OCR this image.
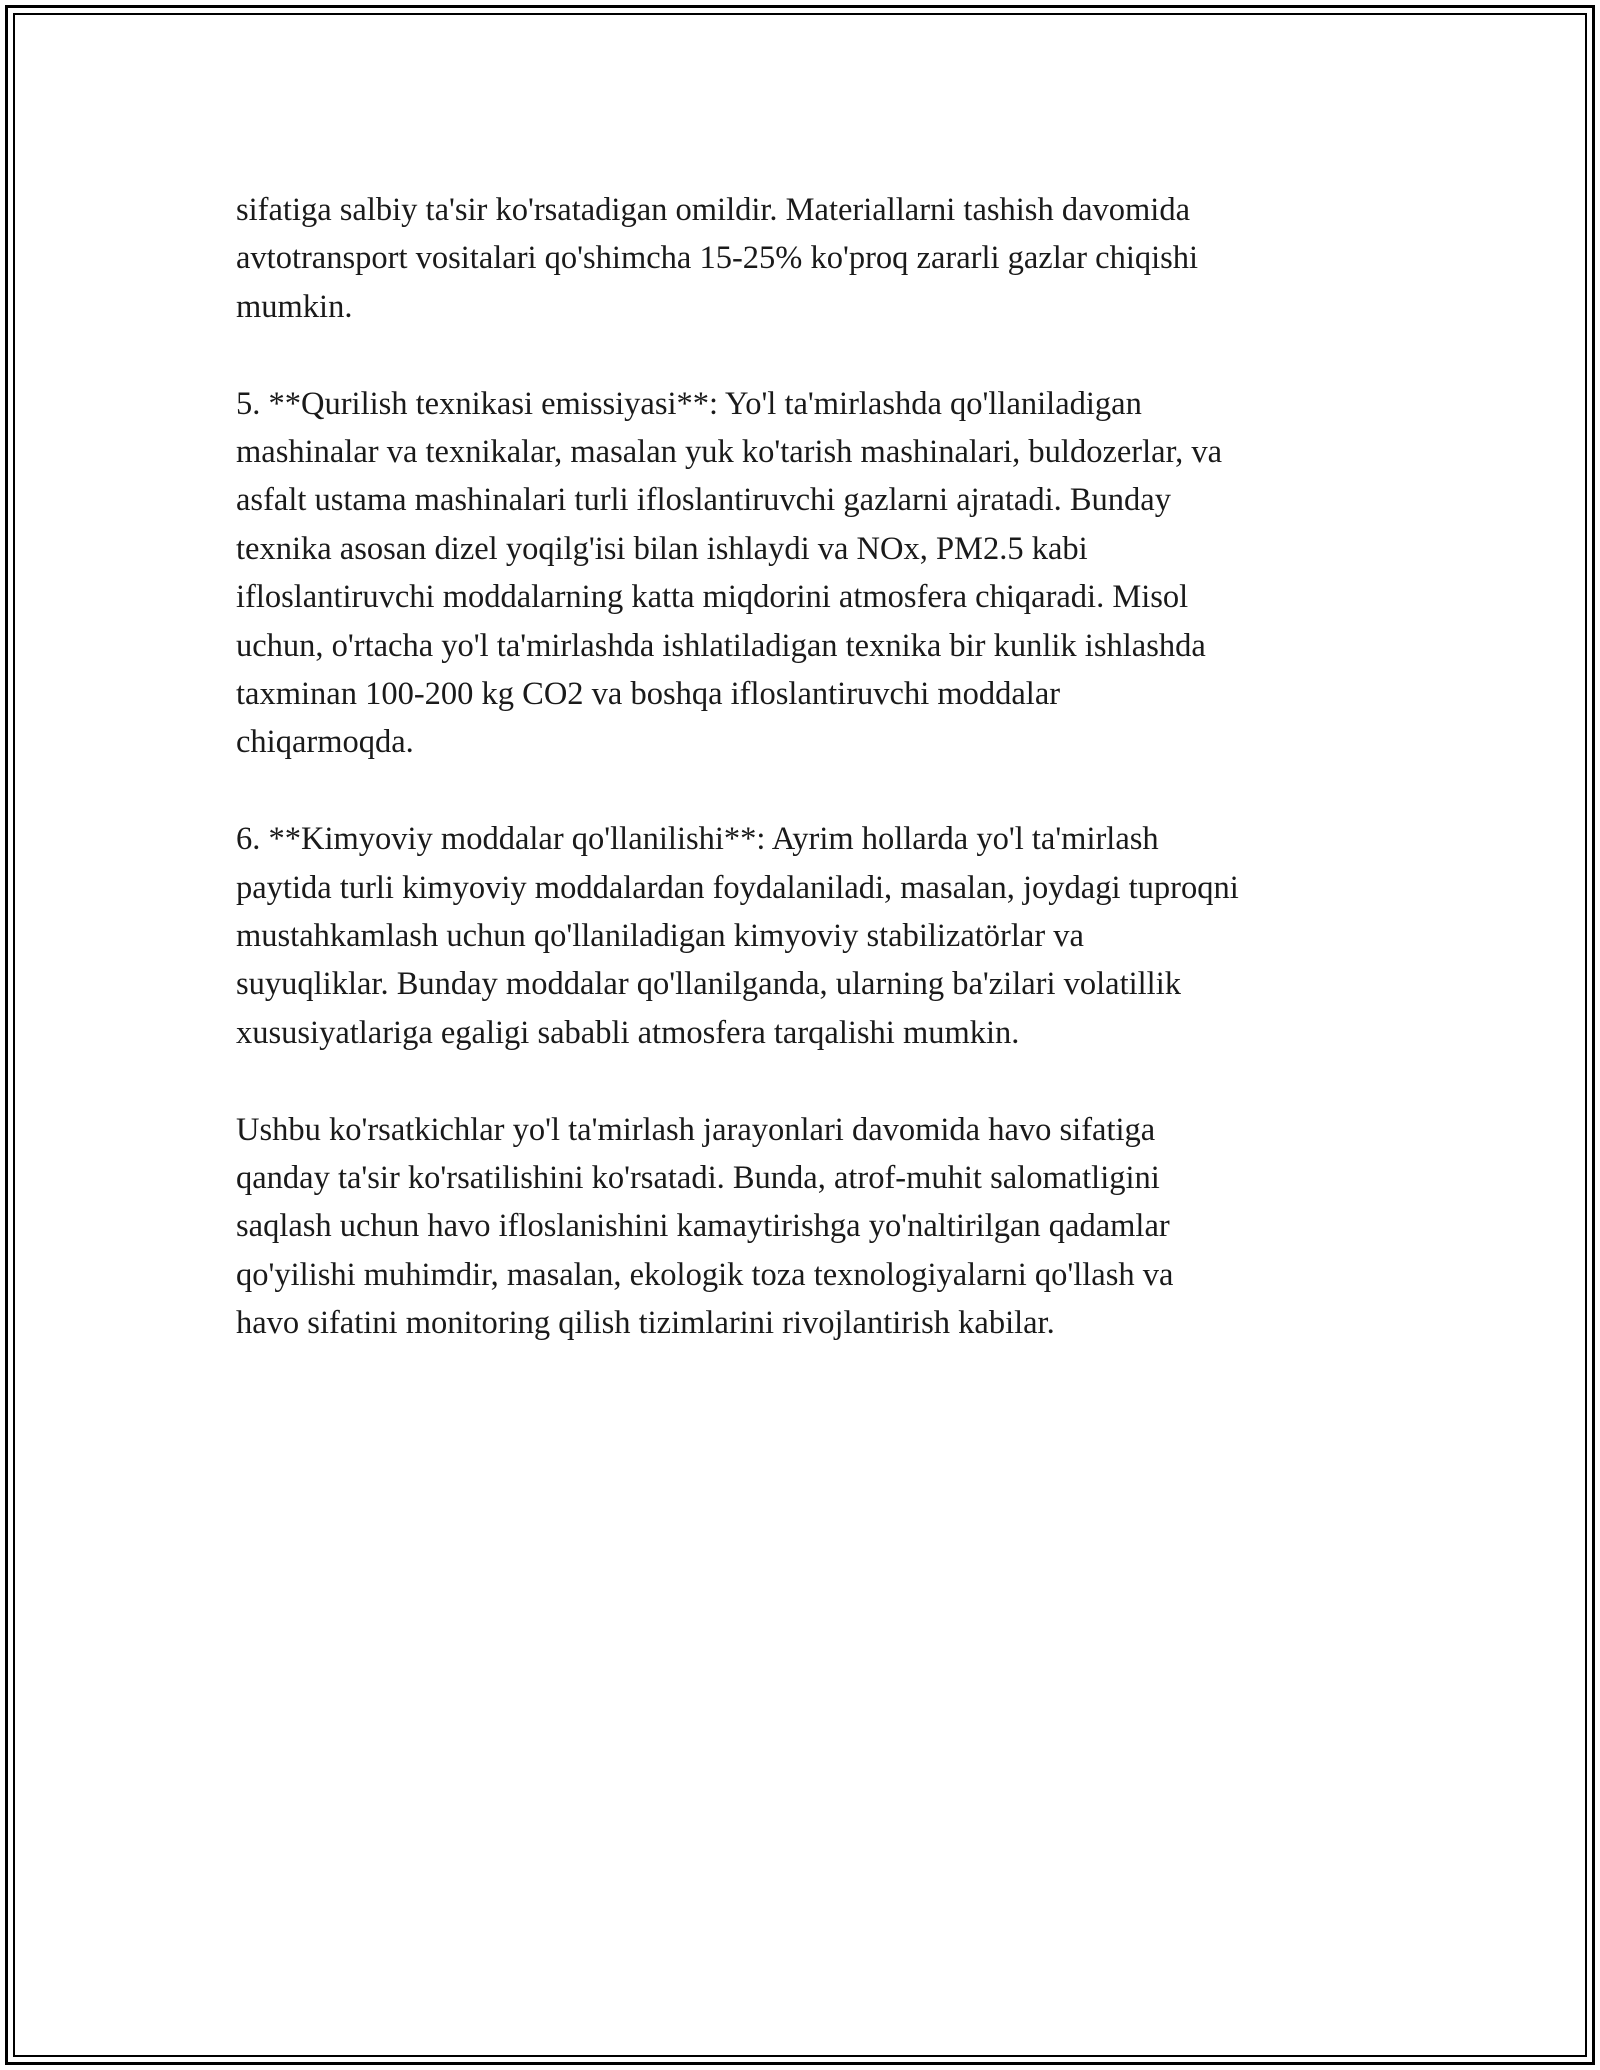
sifatiga salbiy ta'sir ko'rsatadigan omildir. Materiallarni tashish davomida
avtotransport vositalari qo'shimcha 15-25% ko'proq zararli gazlar chiqishi
mumkin.

5. **Qurilish texnikasi emissiyasi**: Yo'l ta'mirlashda qo'llaniladigan
mashinalar va texnikalar, masalan yuk ko'tarish mashinalari, buldozerlar, va
asfalt ustama mashinalari turli ifloslantiruvchi gazlarni ajratadi. Bunday
texnika asosan dizel yoqilg'isi bilan ishlaydi va NOx, PM2.5 kabi
ifloslantiruvchi moddalarning katta miqdorini atmosfera chiqaradi. Misol
uchun, o'rtacha yo'l ta'mirlashda ishlatiladigan texnika bir kunlik ishlashda
taxminan 100-200 kg CO2 va boshqa ifloslantiruvchi moddalar
chiqarmoqda.

6. **Kimyoviy moddalar qo'llanilishi**: Ayrim hollarda yo'l ta'mirlash
paytida turli kimyoviy moddalardan foydalaniladi, masalan, joydagi tuproqni
mustahkamlash uchun qo'llaniladigan kimyoviy stabilizatörlar va
suyuqliklar. Bunday moddalar qo'llanilganda, ularning ba'zilari volatillik
xususiyatlariga egaligi sababli atmosfera tarqalishi mumkin.

Ushbu ko'rsatkichlar yo'l ta'mirlash jarayonlari davomida havo sifatiga
qanday ta'sir ko'rsatilishini ko'rsatadi. Bunda, atrof-muhit salomatligini
saqlash uchun havo ifloslanishini kamaytirishga yo'naltirilgan qadamlar
qo'yilishi muhimdir, masalan, ekologik toza texnologiyalarni qo'llash va
havo sifatini monitoring qilish tizimlarini rivojlantirish kabilar.
